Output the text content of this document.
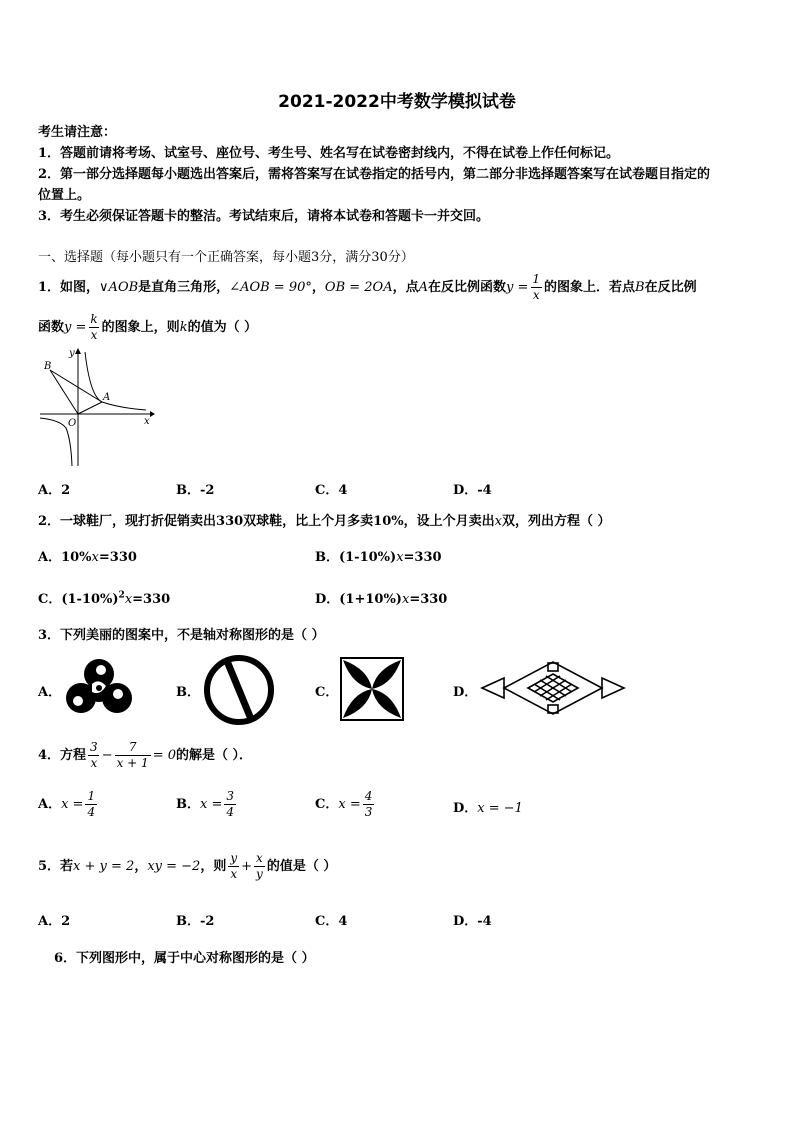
2021-2022中考数学模拟试卷
考生请注意：
1．答题前请将考场、试室号、座位号、考生号、姓名写在试卷密封线内，不得在试卷上作任何标记。
2．第一部分选择题每小题选出答案后，需将答案写在试卷指定的括号内，第二部分非选择题答案写在试卷题目指定的
位置上。
3．考生必须保证答题卡的整洁。考试结束后，请将本试卷和答题卡一并交回。
一、选择题（每小题只有一个正确答案，每小题3分，满分30分）
1．如图，∨AOB是直角三角形，∠AOB = 90°，OB = 2OA，点A在反比例函数$y = \frac{1}{x}$ 的图象上．若点B在反比例
函数$y = \frac{k}{x}$ 的图象上，则k的值为（ ）
B
A
O	x
y
A．2	B．-2	C．4	D．-4
2．一球鞋厂，现打折促销卖出330双球鞋，比上个月多卖10%，设上个月卖出x双，列出方程（ ）
A．10%x=330	B．(1-10%)x=330
C．$(1-10\%)^2x=330$	D．(1+10%)x=330
3．下列美丽的图案中，不是轴对称图形的是（ ）
A．	B．	C．	D．
4．方程 $\frac{3}{x} - \frac{7}{x + 1} = 0$的解是（ ）．
A．$x = \frac{1}{4}$	B．$x = \frac{3}{4}$	C．$x = \frac{4}{3}$	D．x = −1
5．若x + y = 2，xy = −2，则 $\frac{y}{x} + \frac{x}{y}$ 的值是（ ）
A．2	B．-2	C．4	D．-4
6．下列图形中，属于中心对称图形的是（ ）
